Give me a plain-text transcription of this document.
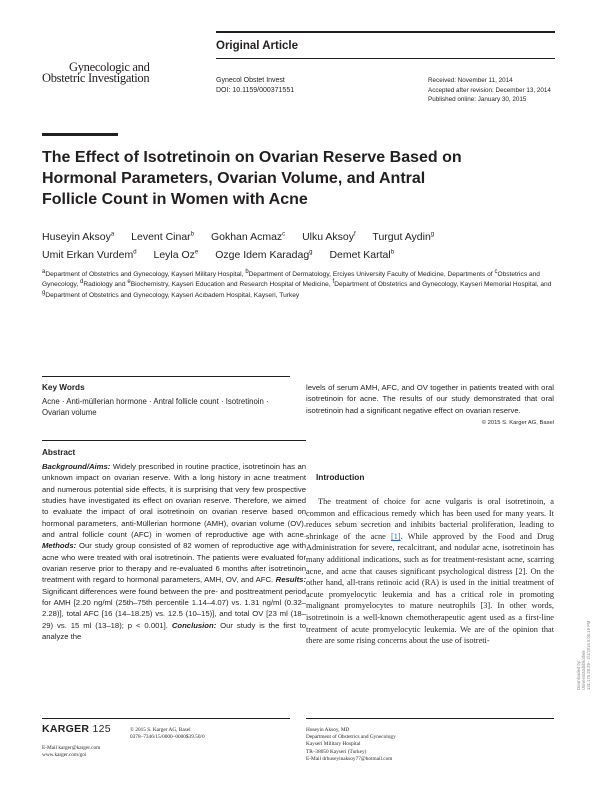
Original Article
Gynecologic and
Obstetric Investigation	Gynecol Obstet Invest
DOI: 10.1159/000371551
Received: November 11, 2014
Accepted after revision: December 13, 2014
Published online: January 30, 2015
The Effect of Isotretinoin on Ovarian Reserve Based on Hormonal Parameters, Ovarian Volume, and Antral Follicle Count in Women with Acne
Huseyin Aksoy$^a$ Levent Cinar$^b$ Gokhan Acmaz$^c$ Ulku Aksoy$^f$ Turgut Aydin$^g$
Umit Erkan Vurdem$^d$ Leyla Oz$^e$ Ozge Idem Karadag$^g$ Demet Kartal$^b$
$^a$Department of Obstetrics and Gynecology, Kayseri Military Hospital, $^b$Department of Dermatology, Erciyes University Faculty of Medicine, Departments of $^c$Obstetrics and Gynecology, $^d$Radiology and $^e$Biochemistry, Kayseri Education and Research Hospital of Medicine, $^f$Department of Obstetrics and Gynecology, Kayseri Memorial Hospital, and $^g$Department of Obstetrics and Gynecology, Kayseri Acıbadem Hospital, Kayseri, Turkey
Key Words
Acne · Anti-müllerian hormone · Antral follicle count · Isotretinoin · Ovarian volume
Abstract
Background/Aims: Widely prescribed in routine practice, isotretinoin has an unknown impact on ovarian reserve. With a long history in acne treatment and numerous potential side effects, it is surprising that very few prospective studies have investigated its effect on ovarian reserve. Therefore, we aimed to evaluate the impact of oral isotretinoin on ovarian reserve based on hormonal parameters, anti-Müllerian hormone (AMH), ovarian volume (OV), and antral follicle count (AFC) in women of reproductive age with acne. Methods: Our study group consisted of 82 women of reproductive age with acne who were treated with oral isotretinoin. The patients were evaluated for ovarian reserve prior to therapy and re-evaluated 6 months after isotretinoin treatment with regard to hormonal parameters, AMH, OV, and AFC. Results: Significant differences were found between the pre- and posttreatment period for AMH [2.20 ng/ml (25th–75th percentile 1.14–4.07) vs. 1.31 ng/ml (0.32–2.28)], total AFC [16 (14–18.25) vs. 12.5 (10–15)], and total OV [23 ml (18–29) vs. 15 ml (13–18); p < 0.001]. Conclusion: Our study is the first to analyze the
levels of serum AMH, AFC, and OV together in patients treated with oral isotretinoin for acne. The results of our study demonstrated that oral isotretinoin had a significant negative effect on ovarian reserve.
© 2015 S. Karger AG, Basel
Introduction

The treatment of choice for acne vulgaris is oral isotretinoin, a common and efficacious remedy which has been used for many years. It reduces sebum secretion and inhibits bacterial proliferation, leading to shrinkage of the acne [1]. While approved by the Food and Drug Administration for severe, recalcitrant, and nodular acne, isotretinoin has many additional indications, such as for treatment-resistant acne, scarring acne, and acne that causes significant psychological distress [2]. On the other hand, all-trans retinoic acid (RA) is used in the initial treatment of acute promyelocytic leukemia and has a critical role in promoting malignant promyelocytes to mature neutrophils [3]. In other words, isotretinoin is a well-known chemotherapeutic agent used as a first-line treatment of acute promyelocytic leukemia. We are of the opinion that there are some rising concerns about the use of isotreti-

KARGER 125	© 2015 S. Karger AG, Basel
0378–7346/15/0000–0000$39.50/0
E-Mail karger@karger.com
www.karger.com/goi
Huseyin Aksoy, MD
Department of Obstetrics and Gynecology
Kayseri Military Hospital
TR–38050 Kayseri (Turkey)
E-Mail drhuseyinaksoy77@hotmail.com
Downloaded by: Universitätsbibliothek 131.175.28.29 - 2/1/2015 5:06:19 PM
